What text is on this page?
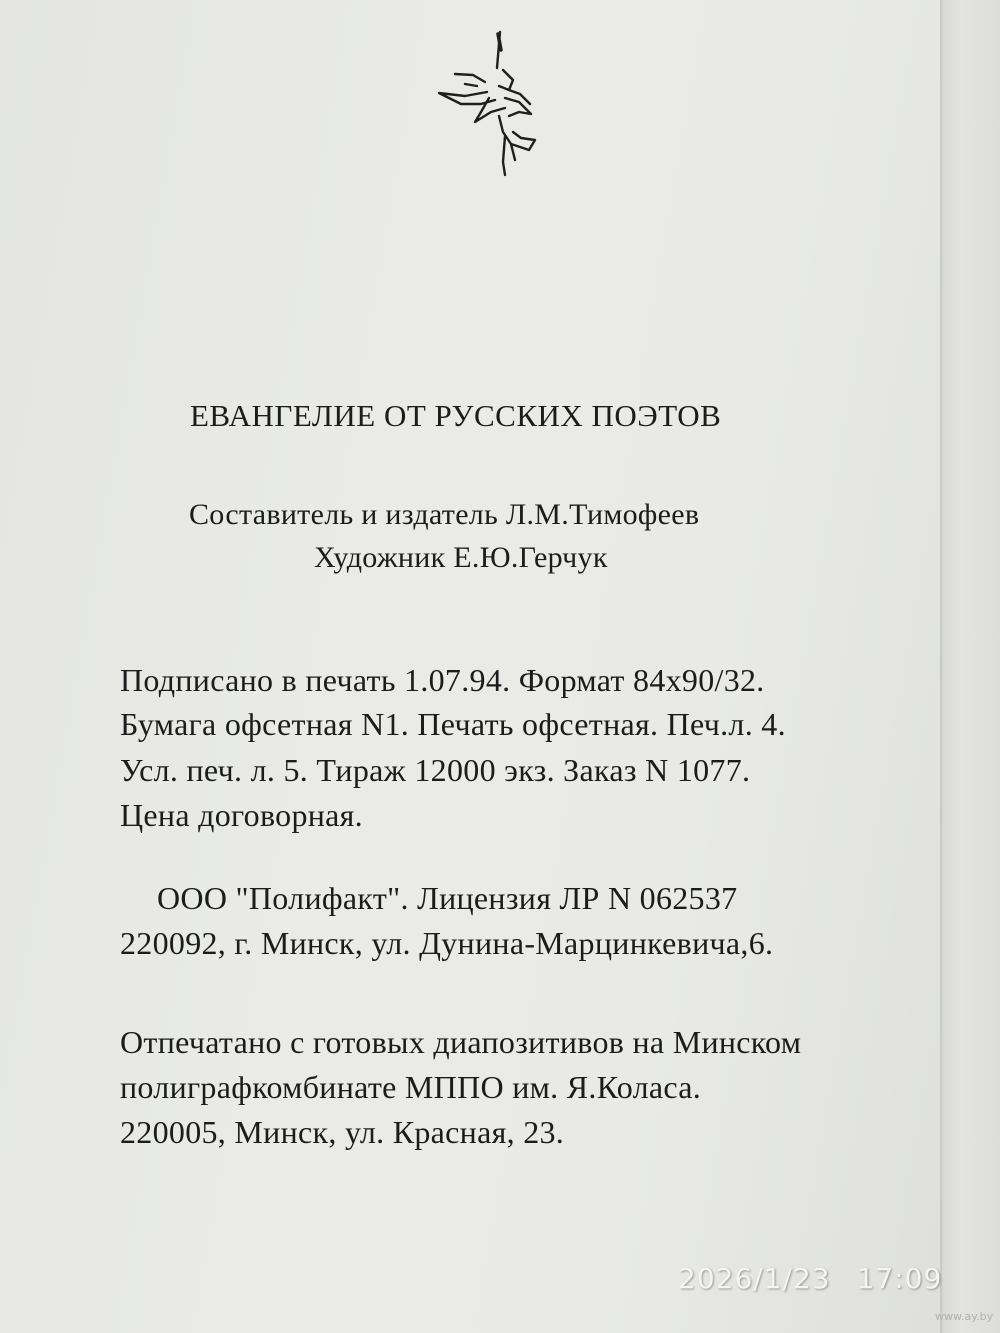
ЕВАНГЕЛИЕ ОТ РУССКИХ ПОЭТОВ
Составитель и издатель Л.М.Тимофеев
Художник Е.Ю.Герчук
Подписано в печать 1.07.94. Формат 84x90/32.
Бумага офсетная N1. Печать офсетная. Печ.л. 4.
Усл. печ. л. 5. Тираж 12000 экз. Заказ N 1077.
Цена договорная.
ООО "Полифакт". Лицензия ЛР N 062537
220092, г. Минск, ул. Дунина-Марцинкевича,6.
Отпечатано с готовых диапозитивов на Минском
полиграфкомбинате МППО им. Я.Коласа.
220005, Минск, ул. Красная, 23.
2026/1/23 17:09
www.ay.by
